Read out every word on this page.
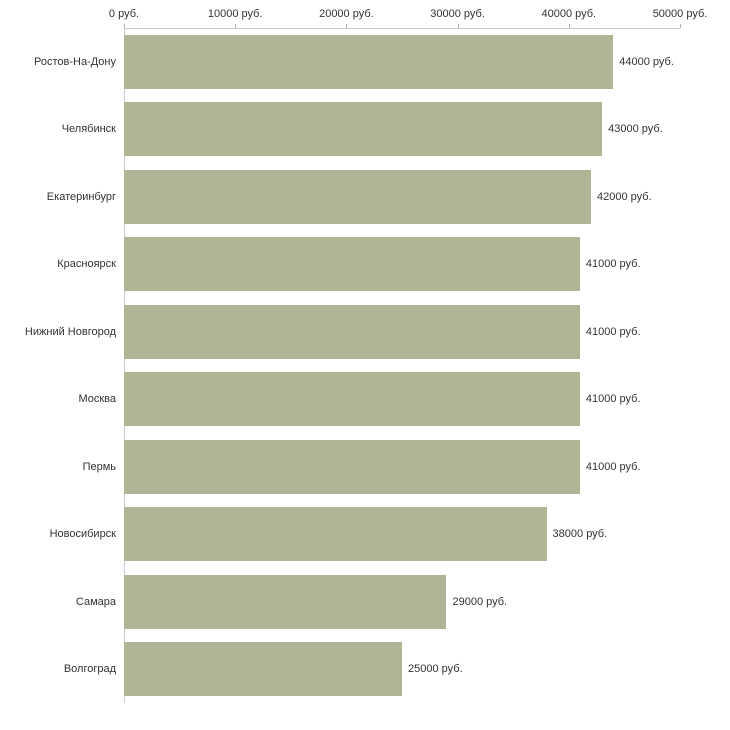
0 руб.	10000 руб.	20000 руб.	30000 руб.	40000 руб.	50000 руб.
Ростов-На-Дону	44000 руб.
Челябинск	43000 руб.
Екатеринбург	42000 руб.
Красноярск	41000 руб.
Нижний Новгород	41000 руб.
Москва	41000 руб.
Пермь	41000 руб.
Новосибирск	38000 руб.
Самара	29000 руб.
Волгоград	25000 руб.
